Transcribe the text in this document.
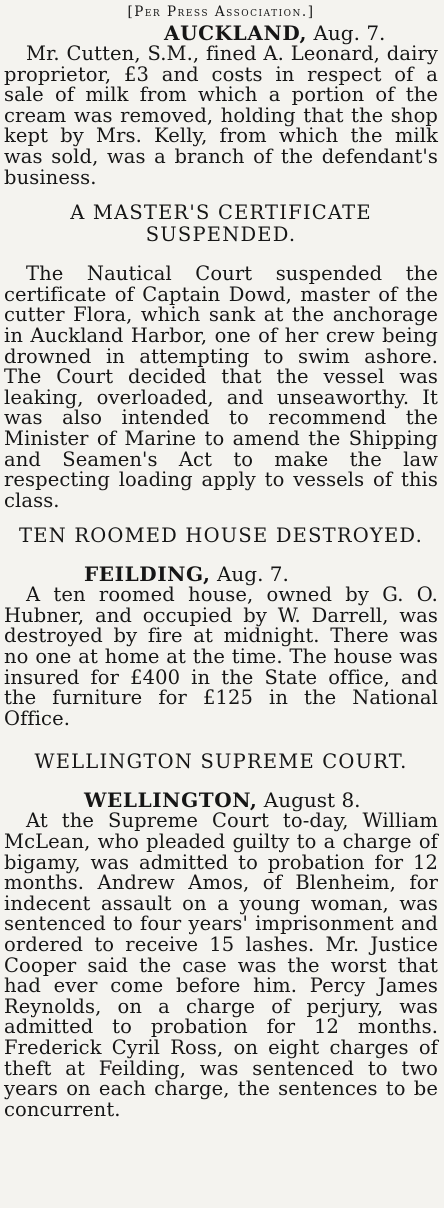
[Per Press Association.]
AUCKLAND, Aug. 7.

Mr. Cutten, S.M., fined A. Leonard, dairy proprietor, £3 and costs in respect of a sale of milk from which a portion of the cream was removed, holding that the shop kept by Mrs. Kelly, from which the milk was sold, was a branch of the defendant's business.

A MASTER'S CERTIFICATE
SUSPENDED.

The Nautical Court suspended the certificate of Captain Dowd, master of the cutter Flora, which sank at the anchorage in Auckland Harbor, one of her crew being drowned in attempting to swim ashore. The Court decided that the vessel was leaking, overloaded, and unseaworthy. It was also intended to recommend the Minister of Marine to amend the Shipping and Seamen's Act to make the law respecting loading apply to vessels of this class.

TEN ROOMED HOUSE DESTROYED.
FEILDING, Aug. 7.

A ten roomed house, owned by G. O. Hubner, and occupied by W. Darrell, was destroyed by fire at midnight. There was no one at home at the time. The house was insured for £400 in the State office, and the furniture for £125 in the National Office.

WELLINGTON SUPREME COURT.
WELLINGTON, August 8.

At the Supreme Court to-day, William McLean, who pleaded guilty to a charge of bigamy, was admitted to probation for 12 months. Andrew Amos, of Blenheim, for indecent assault on a young woman, was sentenced to four years' imprisonment and ordered to receive 15 lashes. Mr. Justice Cooper said the case was the worst that had ever come before him. Percy James Reynolds, on a charge of perjury, was admitted to probation for 12 months. Frederick Cyril Ross, on eight charges of theft at Feilding, was sentenced to two years on each charge, the sentences to be concurrent.
